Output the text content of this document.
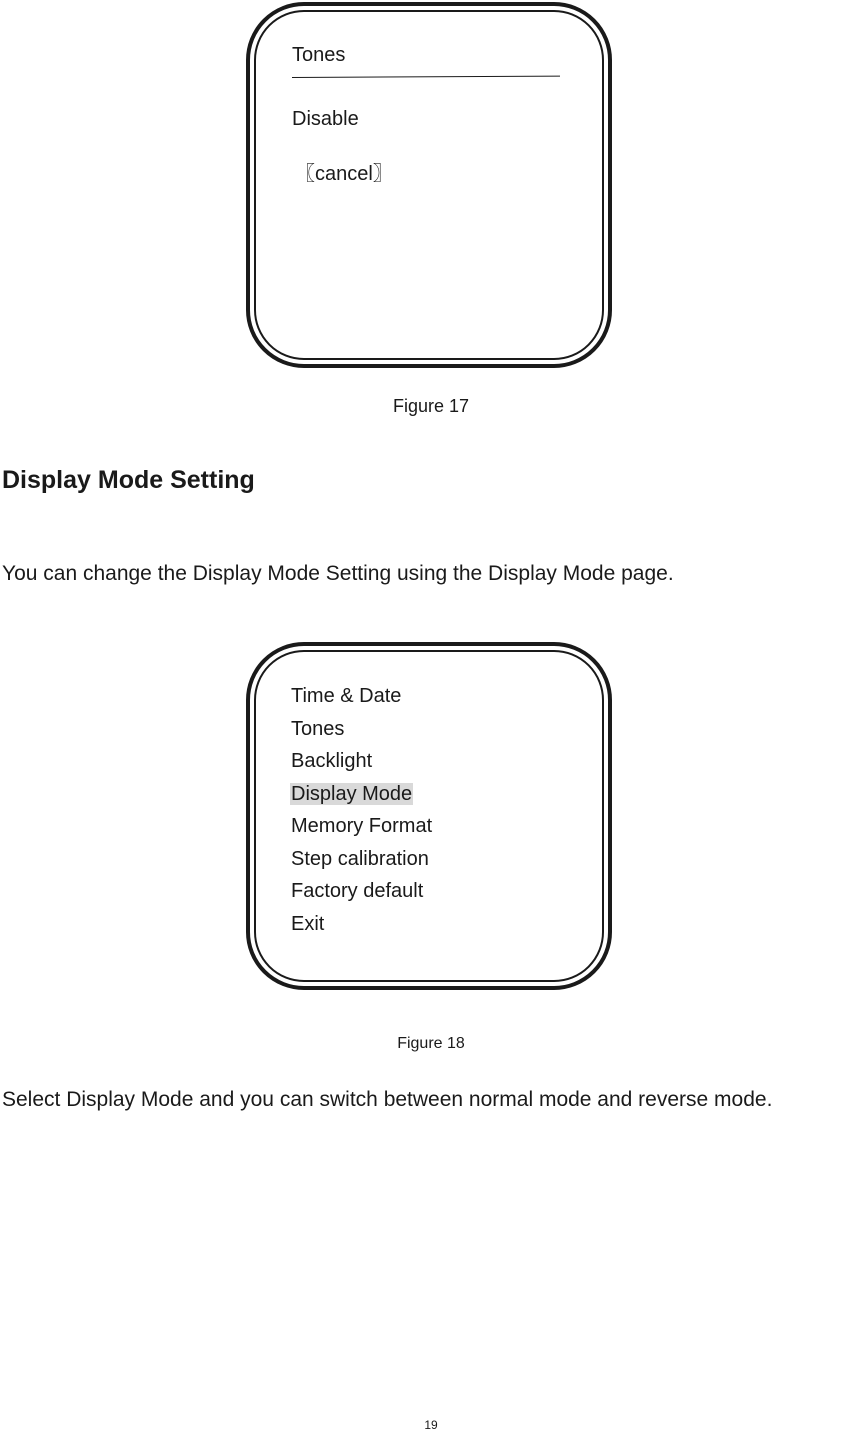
Tones
Disable
〖cancel〗
Figure 17
Display Mode Setting

You can change the Display Mode Setting using the Display Mode page.

Time & Date
Tones
Backlight
Display Mode
Memory Format
Step calibration
Factory default
Exit
Figure 18

Select Display Mode and you can switch between normal mode and reverse mode.

19
